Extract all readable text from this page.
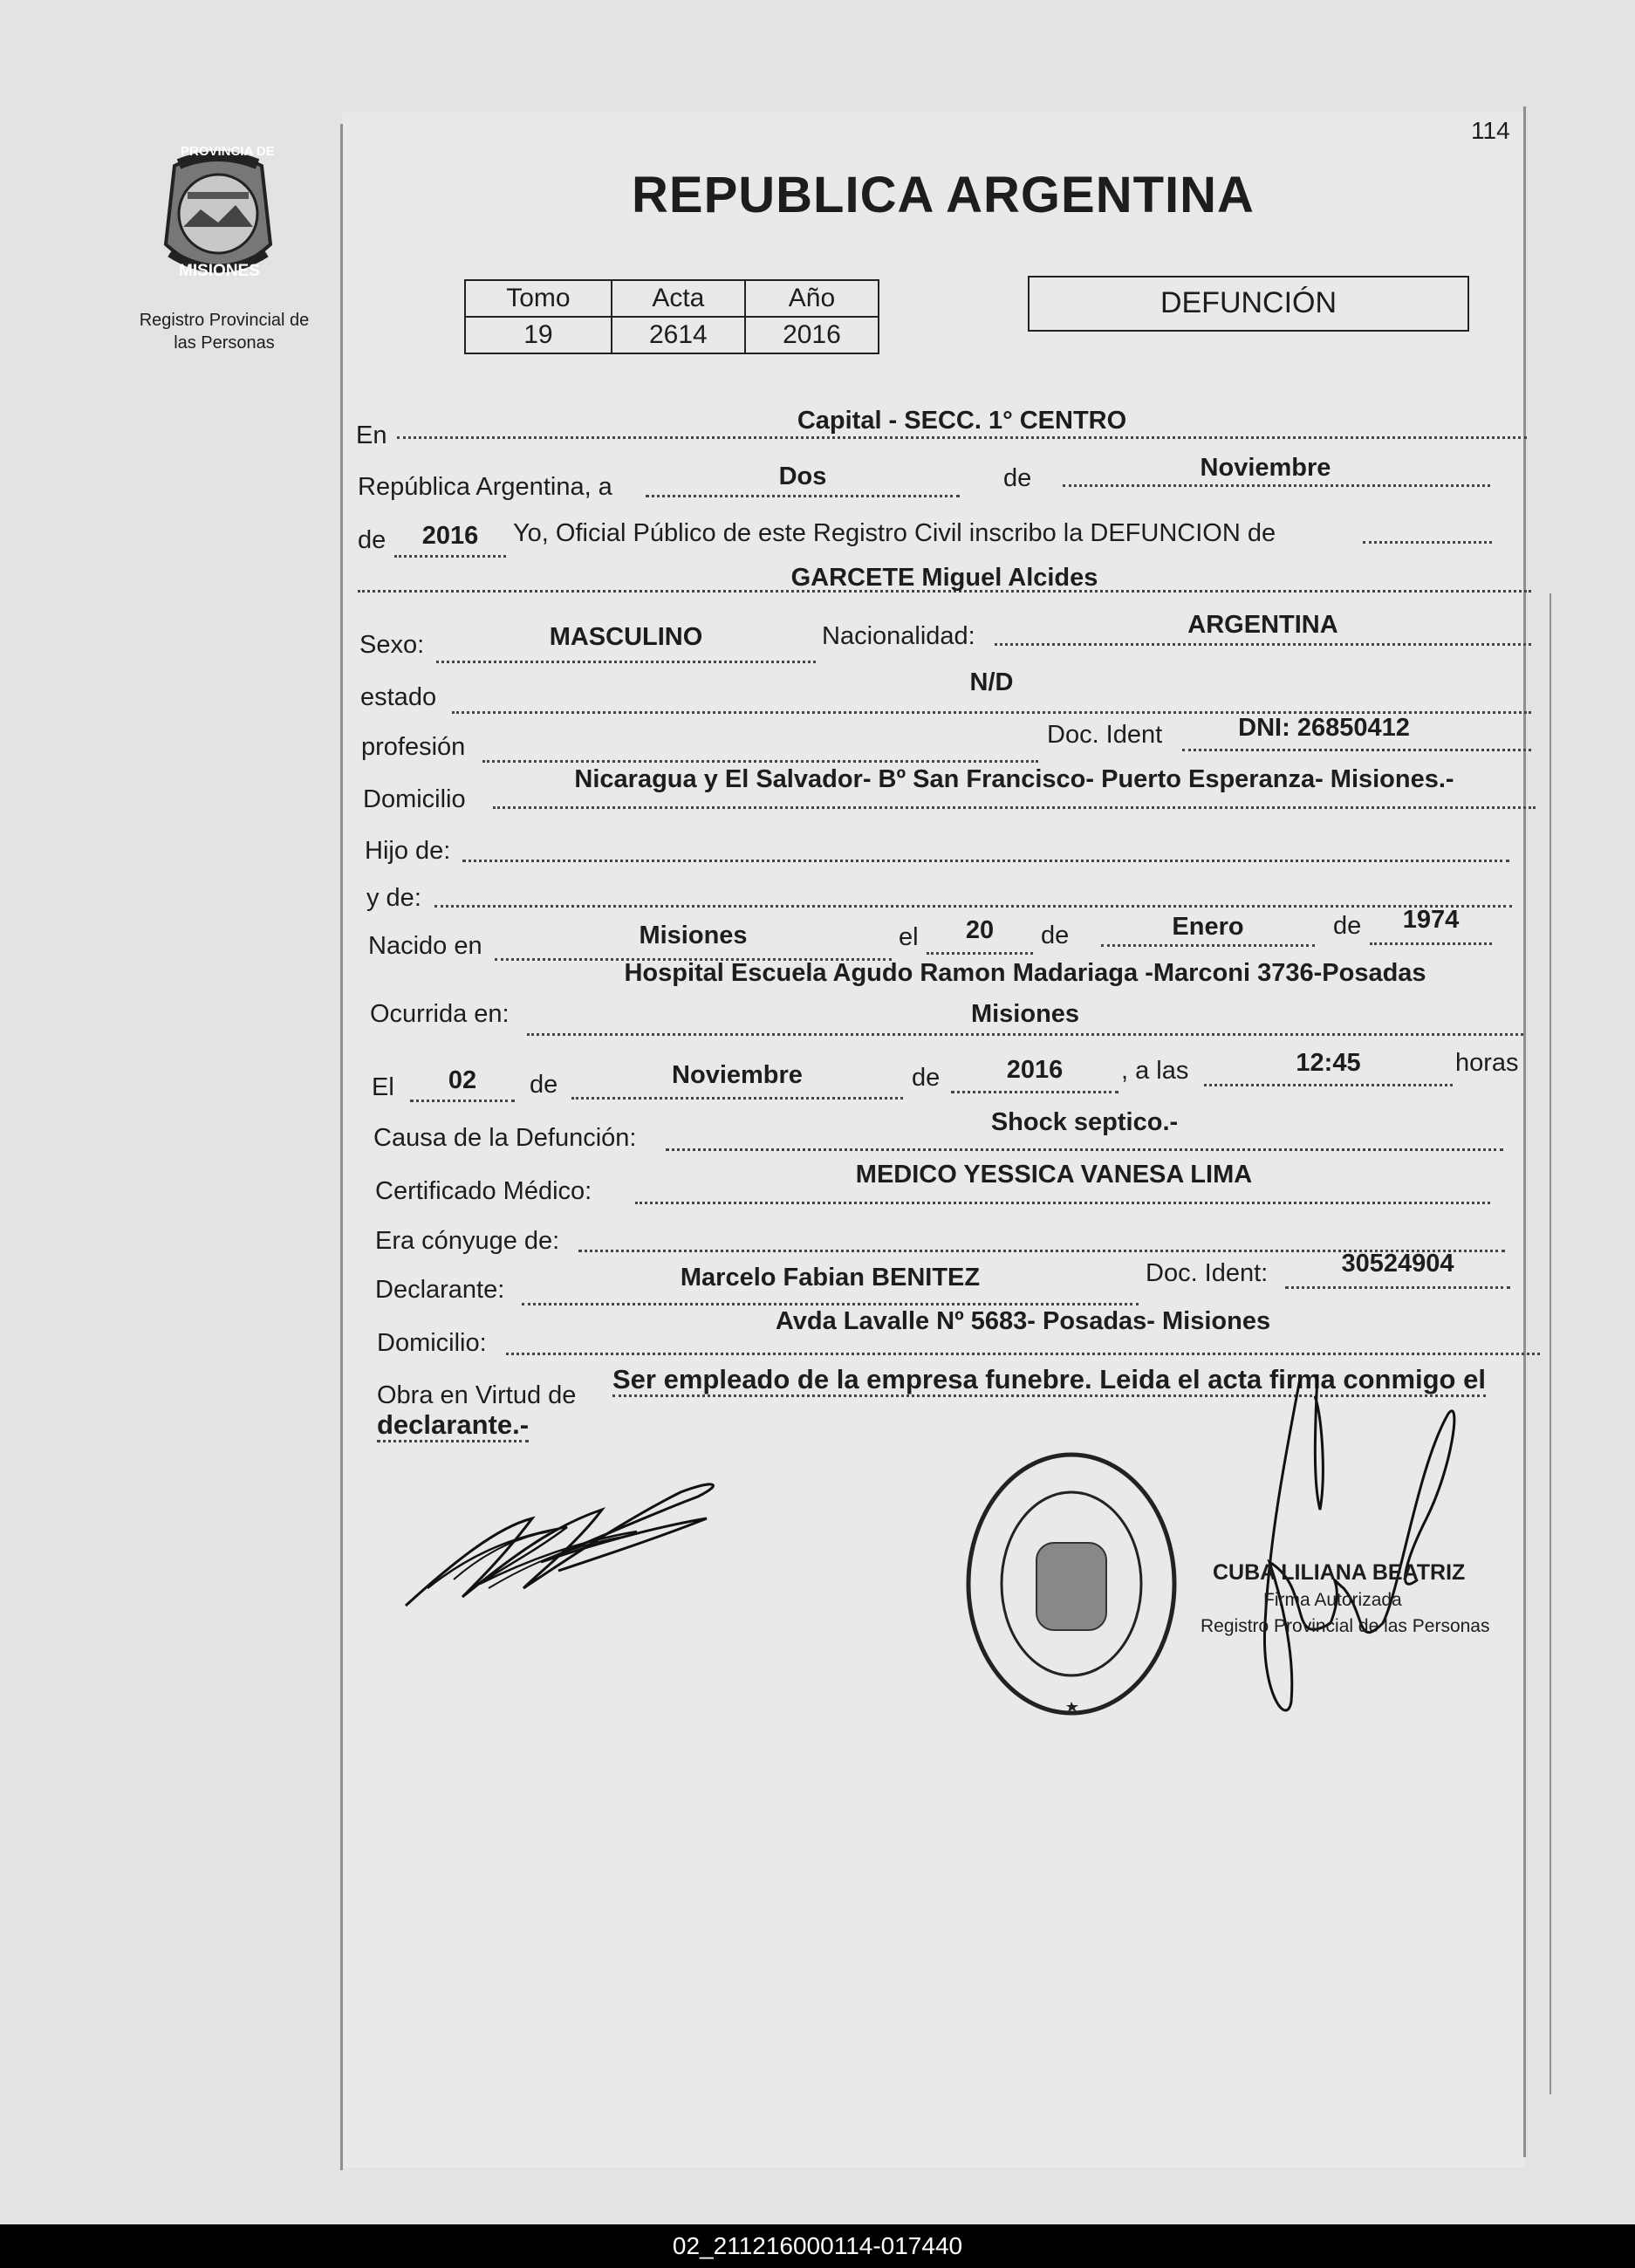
114
PROVINCIA DE
MISIONES
Registro Provincial de
las Personas
REPUBLICA ARGENTINA
Tomo	Acta	Año
19	2614	2016
DEFUNCIÓN
En
Capital - SECC. 1° CENTRO
República Argentina, a	Dos	de	Noviembre
de	2016	Yo, Oficial Público de este Registro Civil inscribo la DEFUNCION de
GARCETE Miguel Alcides
Sexo:	MASCULINO	Nacionalidad:	ARGENTINA
estado
N/D
profesión	Doc. Ident	DNI: 26850412
Domicilio
Nicaragua y El Salvador- Bº San Francisco- Puerto Esperanza- Misiones.-
Hijo de:
y de:
Nacido en	Misiones	el	20	de	Enero	de	1974
Hospital Escuela Agudo Ramon Madariaga -Marconi 3736-Posadas
Ocurrida en:	Misiones
El	02	de	Noviembre	de	2016	, a las	12:45	horas
Causa de la Defunción:
Shock septico.-
Certificado Médico:
MEDICO YESSICA VANESA LIMA
Era cónyuge de:
Declarante:	Marcelo Fabian BENITEZ	Doc. Ident:	30524904
Domicilio:
Avda Lavalle Nº 5683- Posadas- Misiones
Obra en Virtud de
Ser empleado de la empresa funebre. Leida el acta firma conmigo el
declarante.-
CUBA LILIANA BEATRIZ
Firma Autorizada
Registro Provincial de las Personas
02_211216000114-017440
